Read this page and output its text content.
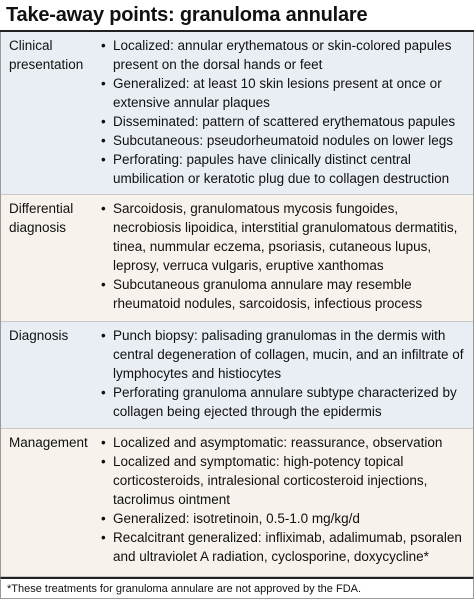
Take-away points: granuloma annulare
Clinical presentation
• Localized: annular erythematous or skin-colored papules present on the dorsal hands or feet
• Generalized: at least 10 skin lesions present at once or extensive annular plaques
• Disseminated: pattern of scattered erythematous papules
• Subcutaneous: pseudorheumatoid nodules on lower legs
• Perforating: papules have clinically distinct central umbilication or keratotic plug due to collagen destruction
Differential diagnosis
• Sarcoidosis, granulomatous mycosis fungoides, necrobiosis lipoidica, interstitial granulomatous dermatitis, tinea, nummular eczema, psoriasis, cutaneous lupus, leprosy, verruca vulgaris, eruptive xanthomas
• Subcutaneous granuloma annulare may resemble rheumatoid nodules, sarcoidosis, infectious process
Diagnosis	• Punch biopsy: palisading granulomas in the dermis with central degeneration of collagen, mucin, and an infiltrate of lymphocytes and histiocytes
• Perforating granuloma annulare subtype characterized by collagen being ejected through the epidermis
Management • Localized and asymptomatic: reassurance, observation
• Localized and symptomatic: high-potency topical corticosteroids, intralesional corticosteroid injections, tacrolimus ointment
• Generalized: isotretinoin, 0.5-1.0 mg/kg/d
• Recalcitrant generalized: infliximab, adalimumab, psoralen and ultraviolet A radiation, cyclosporine, doxycycline*
*These treatments for granuloma annulare are not approved by the FDA.
